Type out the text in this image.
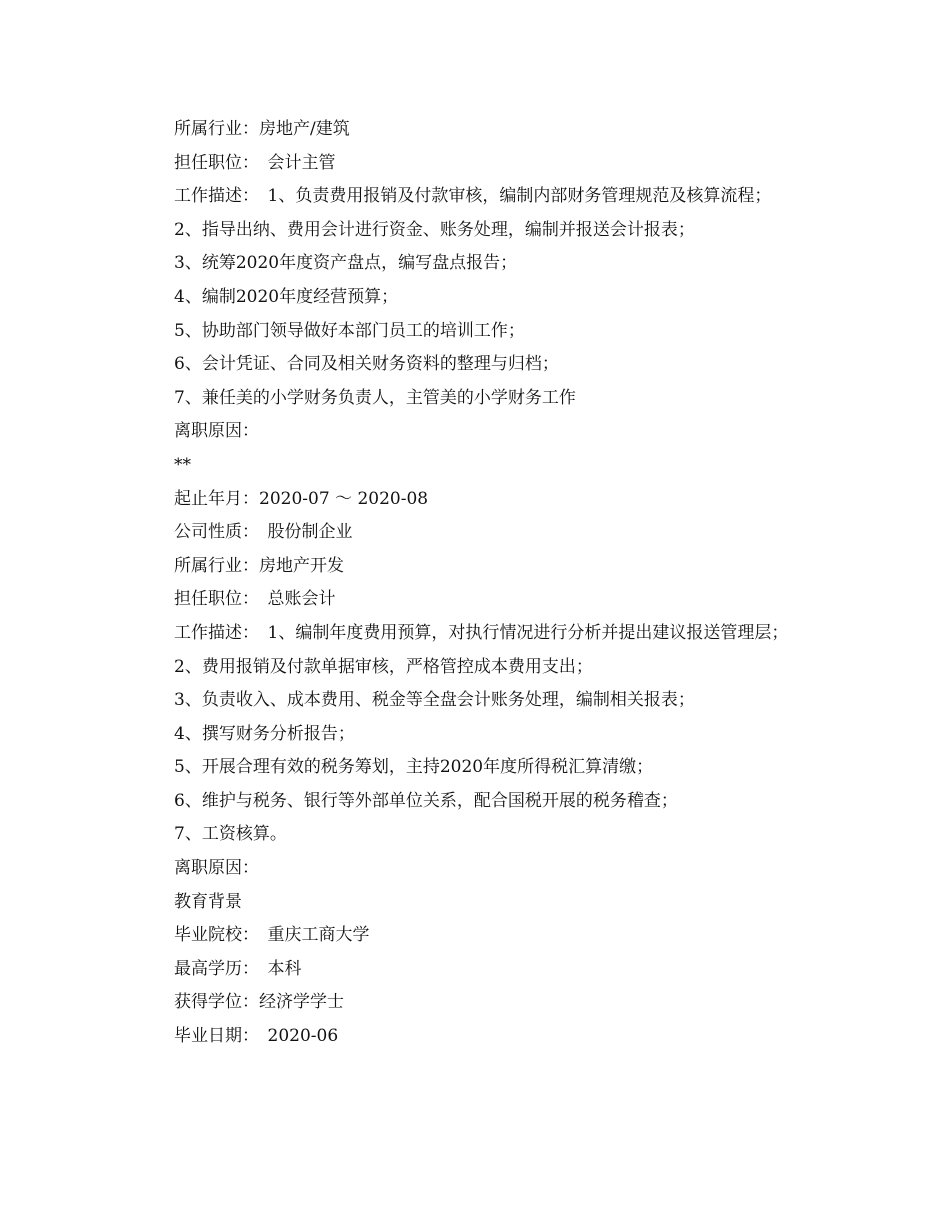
所属行业：房地产/建筑
担任职位：　会计主管
工作描述：　1、负责费用报销及付款审核，编制内部财务管理规范及核算流程；
2、指导出纳、费用会计进行资金、账务处理，编制并报送会计报表；
3、统筹2020年度资产盘点，编写盘点报告；
4、编制2020年度经营预算；
5、协助部门领导做好本部门员工的培训工作；
6、会计凭证、合同及相关财务资料的整理与归档；
7、兼任美的小学财务负责人，主管美的小学财务工作
离职原因：
**
起止年月：2020-07 ～ 2020-08
公司性质：　股份制企业
所属行业：房地产开发
担任职位：　总账会计
工作描述：　1、编制年度费用预算，对执行情况进行分析并提出建议报送管理层；
2、费用报销及付款单据审核，严格管控成本费用支出；
3、负责收入、成本费用、税金等全盘会计账务处理，编制相关报表；
4、撰写财务分析报告；
5、开展合理有效的税务筹划，主持2020年度所得税汇算清缴；
6、维护与税务、银行等外部单位关系，配合国税开展的税务稽查；
7、工资核算。
离职原因：
教育背景
毕业院校：　重庆工商大学
最高学历：　本科
获得学位：经济学学士
毕业日期：　2020-06
